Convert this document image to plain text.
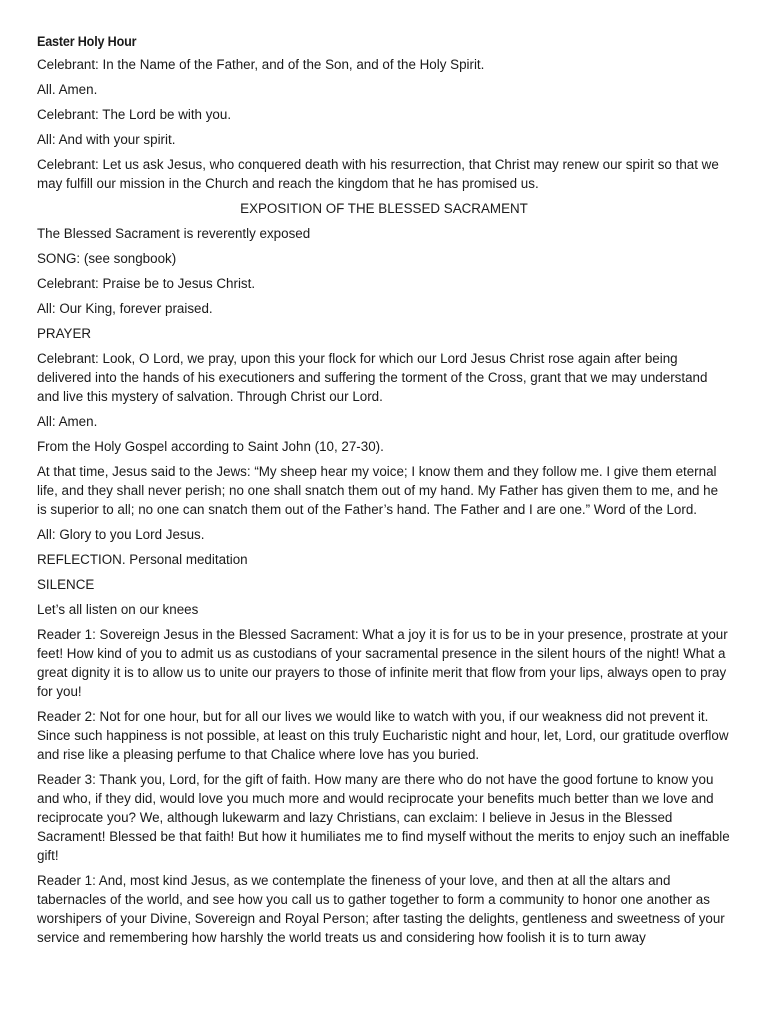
Easter Holy Hour

Celebrant: In the Name of the Father, and of the Son, and of the Holy Spirit.

All. Amen.

Celebrant: The Lord be with you.

All: And with your spirit.

Celebrant: Let us ask Jesus, who conquered death with his resurrection, that Christ may renew our spirit so that we may fulfill our mission in the Church and reach the kingdom that he has promised us.

EXPOSITION OF THE BLESSED SACRAMENT

The Blessed Sacrament is reverently exposed

SONG: (see songbook)

Celebrant: Praise be to Jesus Christ.

All: Our King, forever praised.

PRAYER

Celebrant: Look, O Lord, we pray, upon this your flock for which our Lord Jesus Christ rose again after being delivered into the hands of his executioners and suffering the torment of the Cross, grant that we may understand and live this mystery of salvation. Through Christ our Lord.

All: Amen.

From the Holy Gospel according to Saint John (10, 27-30).

At that time, Jesus said to the Jews: “My sheep hear my voice; I know them and they follow me. I give them eternal life, and they shall never perish; no one shall snatch them out of my hand. My Father has given them to me, and he is superior to all; no one can snatch them out of the Father’s hand. The Father and I are one.” Word of the Lord.

All: Glory to you Lord Jesus.

REFLECTION. Personal meditation

SILENCE

Let’s all listen on our knees

Reader 1: Sovereign Jesus in the Blessed Sacrament: What a joy it is for us to be in your presence, prostrate at your feet! How kind of you to admit us as custodians of your sacramental presence in the silent hours of the night! What a great dignity it is to allow us to unite our prayers to those of infinite merit that flow from your lips, always open to pray for you!

Reader 2: Not for one hour, but for all our lives we would like to watch with you, if our weakness did not prevent it. Since such happiness is not possible, at least on this truly Eucharistic night and hour, let, Lord, our gratitude overflow and rise like a pleasing perfume to that Chalice where love has you buried.

Reader 3: Thank you, Lord, for the gift of faith. How many are there who do not have the good fortune to know you and who, if they did, would love you much more and would reciprocate your benefits much better than we love and reciprocate you? We, although lukewarm and lazy Christians, can exclaim: I believe in Jesus in the Blessed Sacrament! Blessed be that faith! But how it humiliates me to find myself without the merits to enjoy such an ineffable gift!

Reader 1: And, most kind Jesus, as we contemplate the fineness of your love, and then at all the altars and tabernacles of the world, and see how you call us to gather together to form a community to honor one another as worshipers of your Divine, Sovereign and Royal Person; after tasting the delights, gentleness and sweetness of your service and remembering how harshly the world treats us and considering how foolish it is to turn away
